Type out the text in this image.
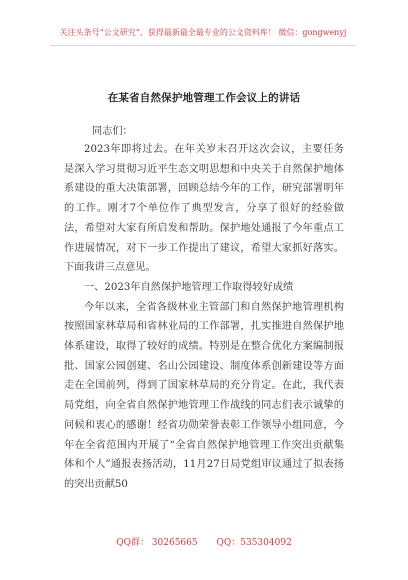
关注头条号“公文研究”，获得最新最全最专业的公文资料库！ 微信：gongwenyj
在某省自然保护地管理工作会议上的讲话
同志们：

2023年即将过去。在年关岁末召开这次会议，主要任务是深入学习贯彻习近平生态文明思想和中央关于自然保护地体系建设的重大决策部署，回顾总结今年的工作，研究部署明年的工作。刚才7个单位作了典型发言，分享了很好的经验做法，希望对大家有所启发和帮助。保护地处通报了今年重点工作进展情况，对下一步工作提出了建议，希望大家抓好落实。下面我讲三点意见。

一、2023年自然保护地管理工作取得较好成绩

今年以来，全省各级林业主管部门和自然保护地管理机构按照国家林草局和省林业局的工作部署，扎实推进自然保护地体系建设，取得了较好的成绩。特别是在整合优化方案编制报批、国家公园创建、名山公园建设、制度体系创新建设等方面走在全国前列，得到了国家林草局的充分肯定。在此，我代表局党组，向全省自然保护地管理工作战线的同志们表示诚挚的问候和衷心的感谢！经省功勋荣誉表彰工作领导小组同意，今年在全省范围内开展了“全省自然保护地管理工作突出贡献集体和个人”通报表扬活动，11月27日局党组审议通过了拟表扬的突出贡献50

QQ群： 30265665 QQ：535304092
